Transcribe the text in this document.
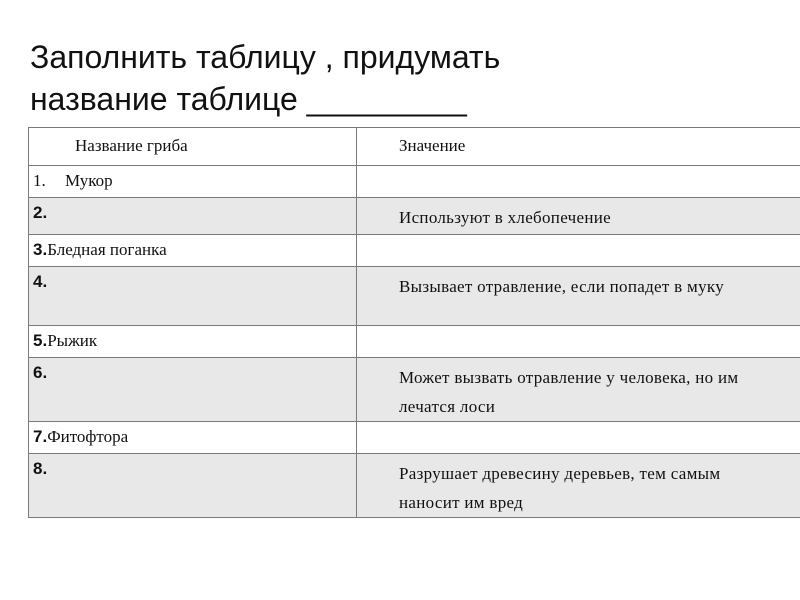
Заполнить таблицу , придумать
название таблице _________
Название гриба	Значение

1. Мукор	

2.	Используют в хлебопечение

3.Бледная поганка	

4.	Вызывает отравление, если попадет в муку

5.Рыжик	

6.	Может вызвать отравление у человека, но им лечатся лоси

7.Фитофтора	

8.	Разрушает древесину деревьев, тем самым наносит им вред
